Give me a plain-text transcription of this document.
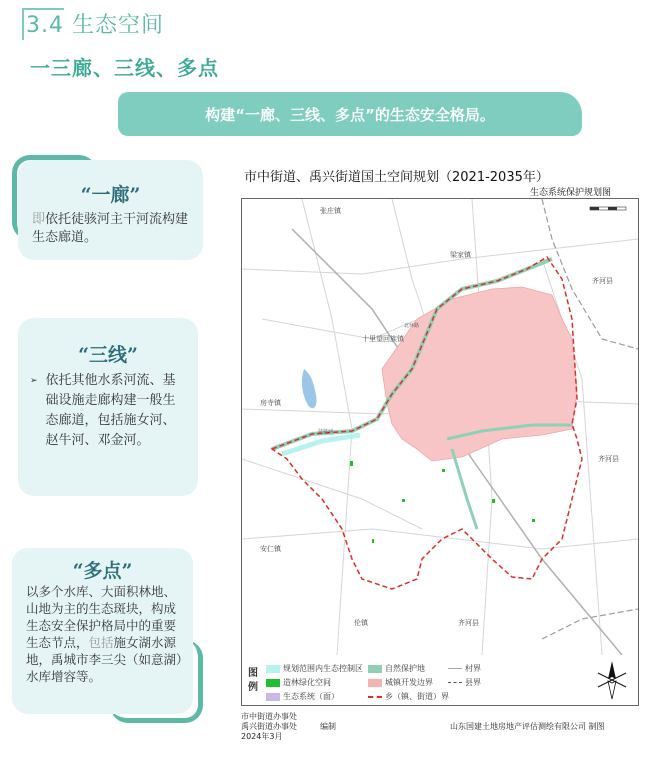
3.4 生态空间
一三廊、三线、多点
构建“一廊、三线、多点”的生态安全格局。
“一廊”
即依托徒骇河主干河流构建生态廊道。
“三线”
➢ 依托其他水系河流、基础设施走廊构建一般生态廊道，包括施女河、赵牛河、邓金河。
“多点”
以多个水库、大面积林地、山地为主的生态斑块，构成生态安全保护格局中的重要生态节点，包括施女湖水源地，禹城市李三尖（如意湖）水库增容等。
市中街道、禹兴街道国土空间规划（2021-2035年）
生态系统保护规划图
张庄镇
梁家镇
齐河县
十里望回族镇
房寺镇
齐河县
安仁镇
伦镇	齐河县
北环路
徒骇河
图
例
规划范围内生态控制区	自然保护地	村界
造林绿化空间	城镇开发边界	县界
生态系统（面）	乡（镇、街道）界
市中街道办事处
禹兴街道办事处
2024年3月
编制	山东国建土地房地产评估测绘有限公司 制图
